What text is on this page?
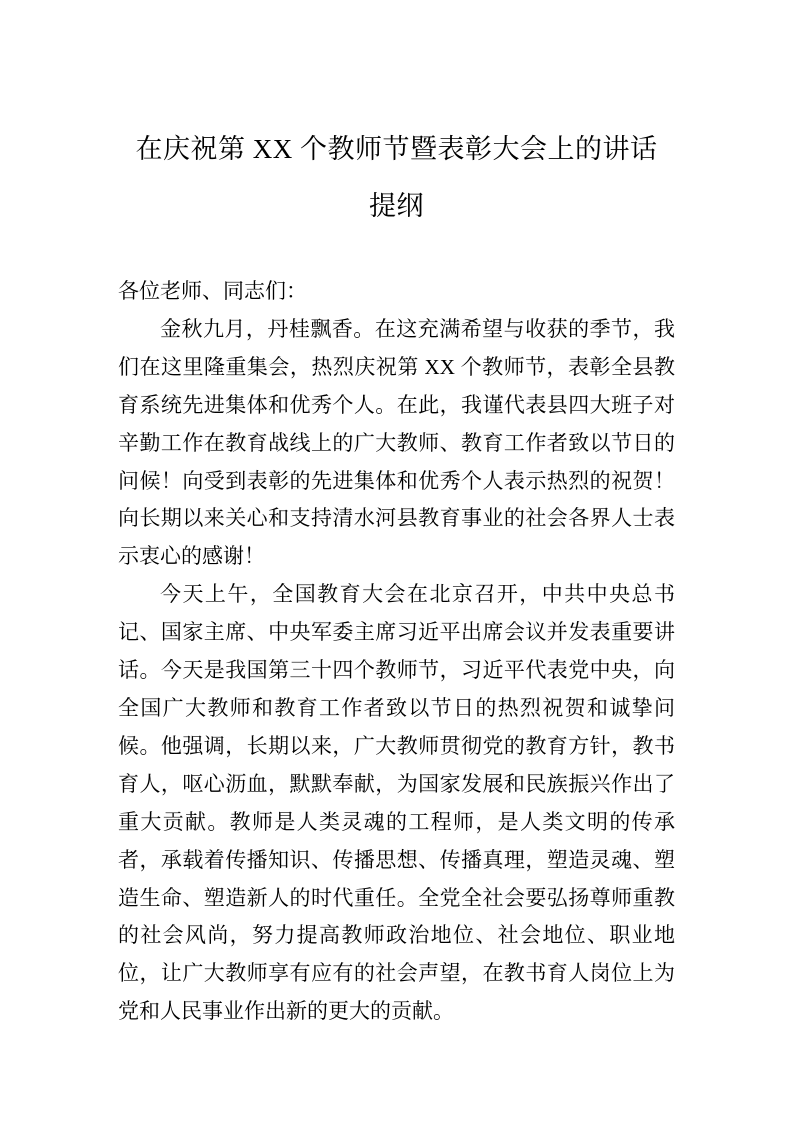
在庆祝第 XX 个教师节暨表彰大会上的讲话提纲

各位老师、同志们：

金秋九月，丹桂飘香。在这充满希望与收获的季节，我们在这里隆重集会，热烈庆祝第 XX 个教师节，表彰全县教育系统先进集体和优秀个人。在此，我谨代表县四大班子对辛勤工作在教育战线上的广大教师、教育工作者致以节日的问候！向受到表彰的先进集体和优秀个人表示热烈的祝贺！向长期以来关心和支持清水河县教育事业的社会各界人士表示衷心的感谢！

今天上午，全国教育大会在北京召开，中共中央总书记、国家主席、中央军委主席习近平出席会议并发表重要讲话。今天是我国第三十四个教师节，习近平代表党中央，向全国广大教师和教育工作者致以节日的热烈祝贺和诚挚问候。他强调，长期以来，广大教师贯彻党的教育方针，教书育人，呕心沥血，默默奉献，为国家发展和民族振兴作出了重大贡献。教师是人类灵魂的工程师，是人类文明的传承者，承载着传播知识、传播思想、传播真理，塑造灵魂、塑造生命、塑造新人的时代重任。全党全社会要弘扬尊师重教的社会风尚，努力提高教师政治地位、社会地位、职业地位，让广大教师享有应有的社会声望，在教书育人岗位上为党和人民事业作出新的更大的贡献。
